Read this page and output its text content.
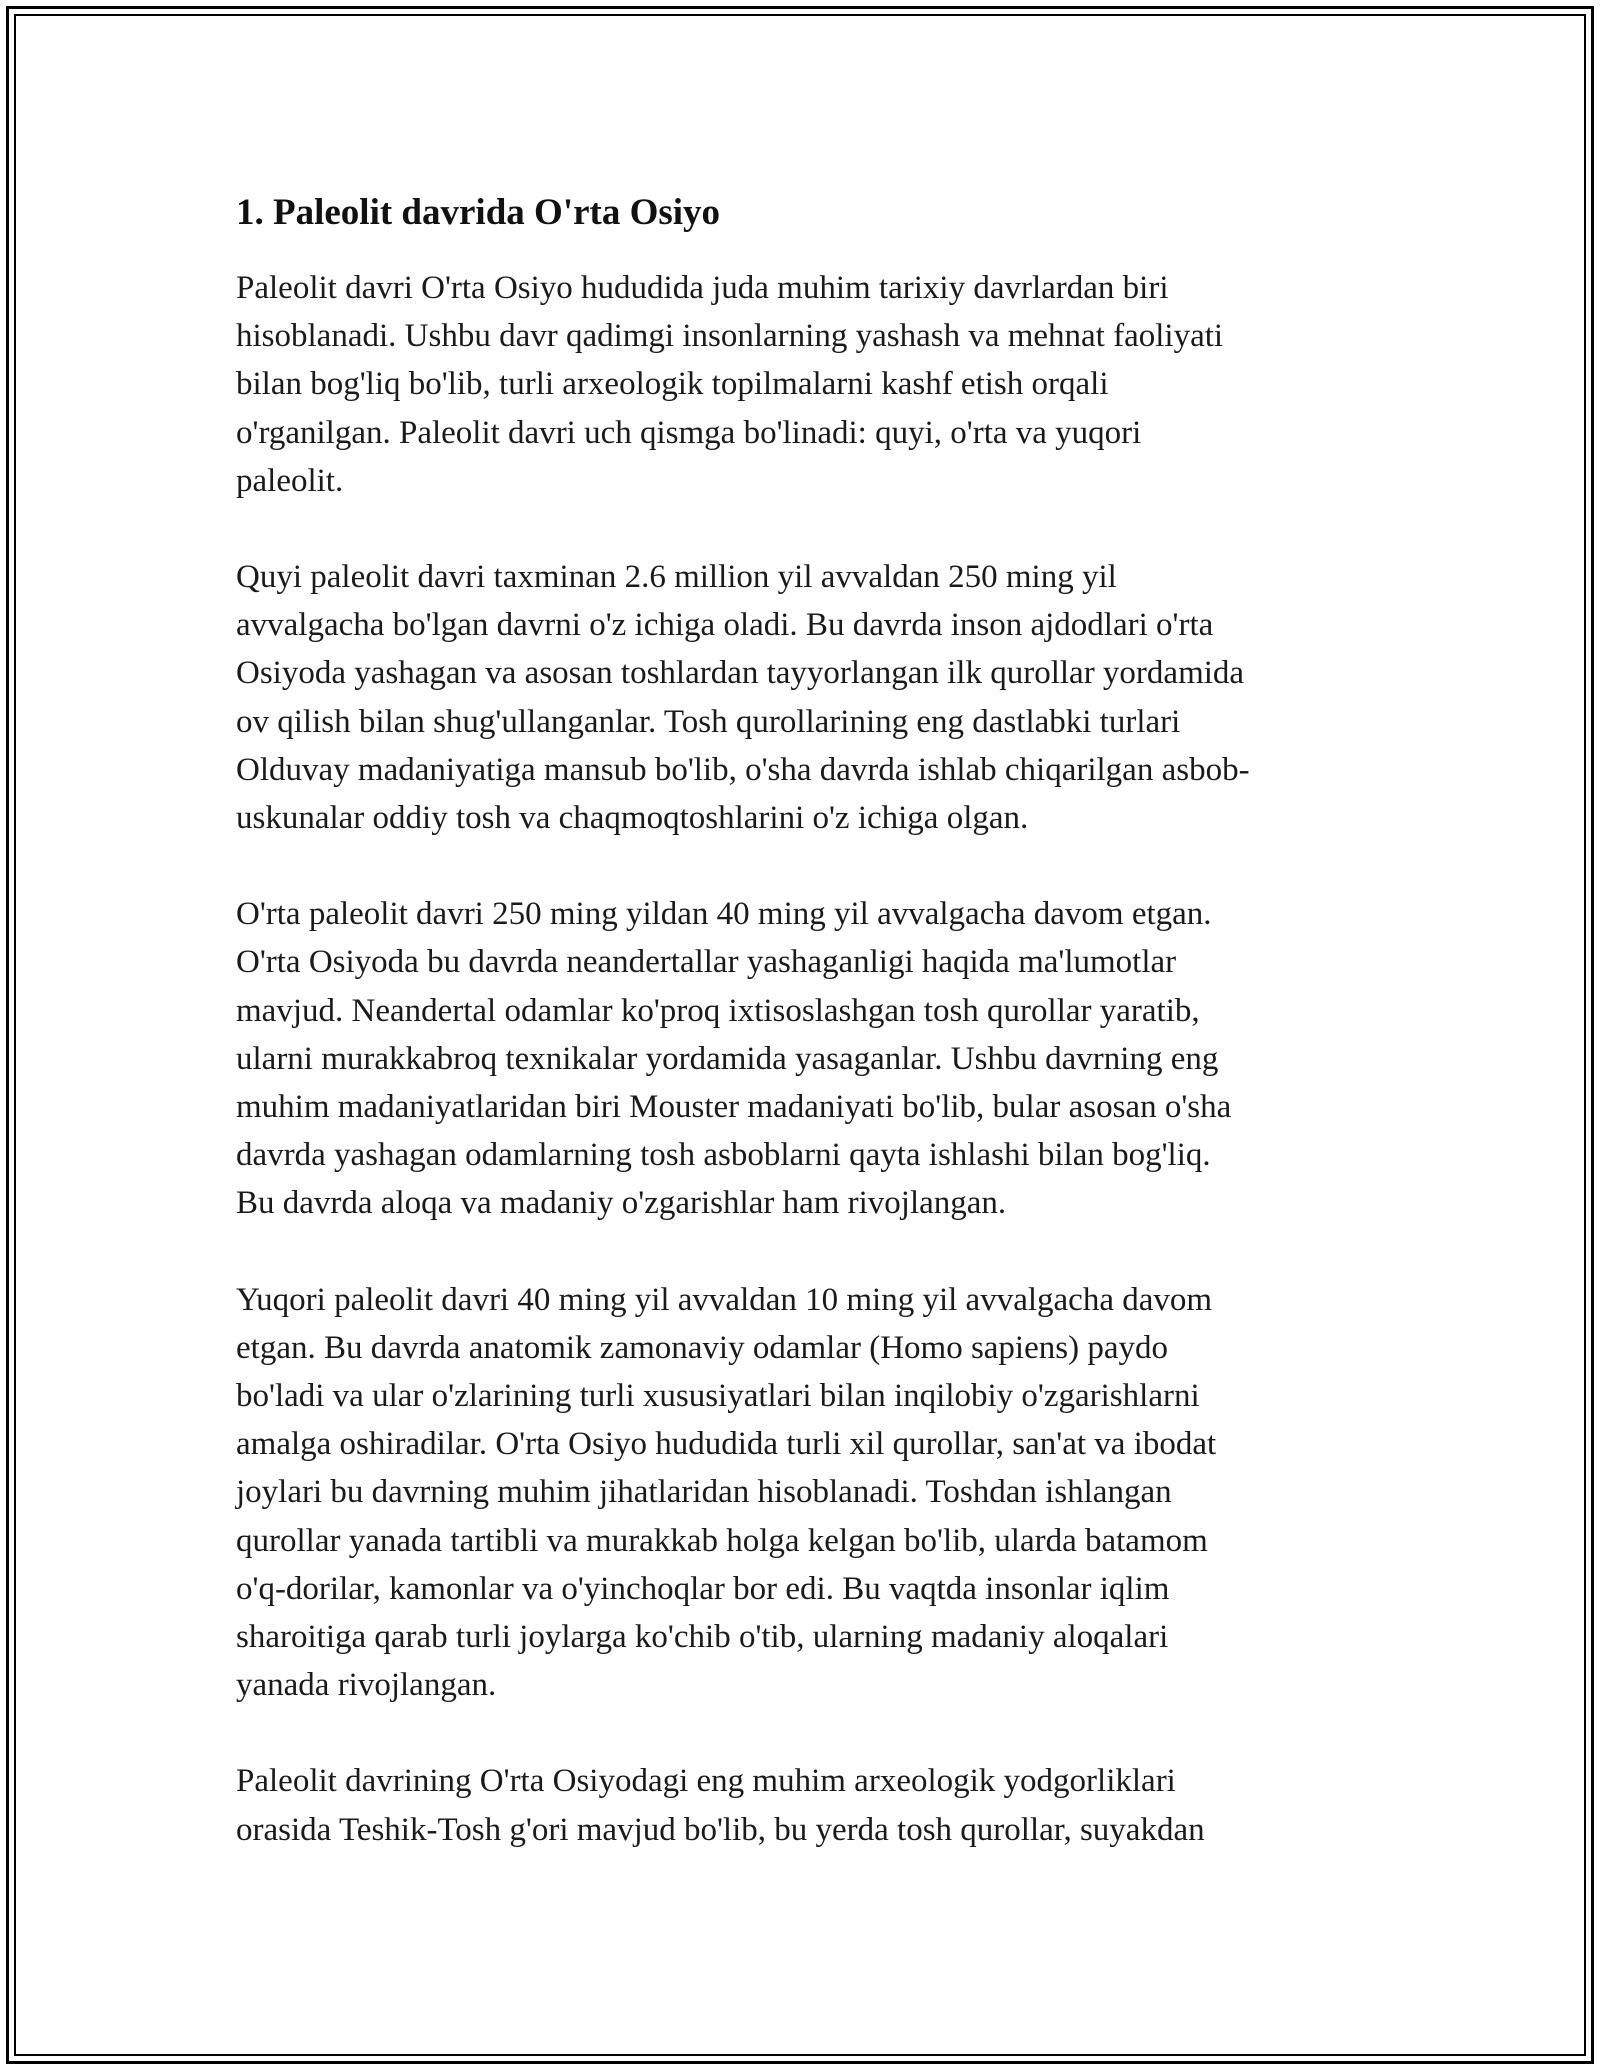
1. Paleolit davrida O'rta Osiyo

Paleolit davri O'rta Osiyo hududida juda muhim tarixiy davrlardan biri
hisoblanadi. Ushbu davr qadimgi insonlarning yashash va mehnat faoliyati
bilan bog'liq bo'lib, turli arxeologik topilmalarni kashf etish orqali
o'rganilgan. Paleolit davri uch qismga bo'linadi: quyi, o'rta va yuqori
paleolit.

Quyi paleolit davri taxminan 2.6 million yil avvaldan 250 ming yil
avvalgacha bo'lgan davrni o'z ichiga oladi. Bu davrda inson ajdodlari o'rta
Osiyoda yashagan va asosan toshlardan tayyorlangan ilk qurollar yordamida
ov qilish bilan shug'ullanganlar. Tosh qurollarining eng dastlabki turlari
Olduvay madaniyatiga mansub bo'lib, o'sha davrda ishlab chiqarilgan asbob-
uskunalar oddiy tosh va chaqmoqtoshlarini o'z ichiga olgan.

O'rta paleolit davri 250 ming yildan 40 ming yil avvalgacha davom etgan.
O'rta Osiyoda bu davrda neandertallar yashaganligi haqida ma'lumotlar
mavjud. Neandertal odamlar ko'proq ixtisoslashgan tosh qurollar yaratib,
ularni murakkabroq texnikalar yordamida yasaganlar. Ushbu davrning eng
muhim madaniyatlaridan biri Mouster madaniyati bo'lib, bular asosan o'sha
davrda yashagan odamlarning tosh asboblarni qayta ishlashi bilan bog'liq.
Bu davrda aloqa va madaniy o'zgarishlar ham rivojlangan.

Yuqori paleolit davri 40 ming yil avvaldan 10 ming yil avvalgacha davom
etgan. Bu davrda anatomik zamonaviy odamlar (Homo sapiens) paydo
bo'ladi va ular o'zlarining turli xususiyatlari bilan inqilobiy o'zgarishlarni
amalga oshiradilar. O'rta Osiyo hududida turli xil qurollar, san'at va ibodat
joylari bu davrning muhim jihatlaridan hisoblanadi. Toshdan ishlangan
qurollar yanada tartibli va murakkab holga kelgan bo'lib, ularda batamom
o'q-dorilar, kamonlar va o'yinchoqlar bor edi. Bu vaqtda insonlar iqlim
sharoitiga qarab turli joylarga ko'chib o'tib, ularning madaniy aloqalari
yanada rivojlangan.

Paleolit davrining O'rta Osiyodagi eng muhim arxeologik yodgorliklari
orasida Teshik-Tosh g'ori mavjud bo'lib, bu yerda tosh qurollar, suyakdan
